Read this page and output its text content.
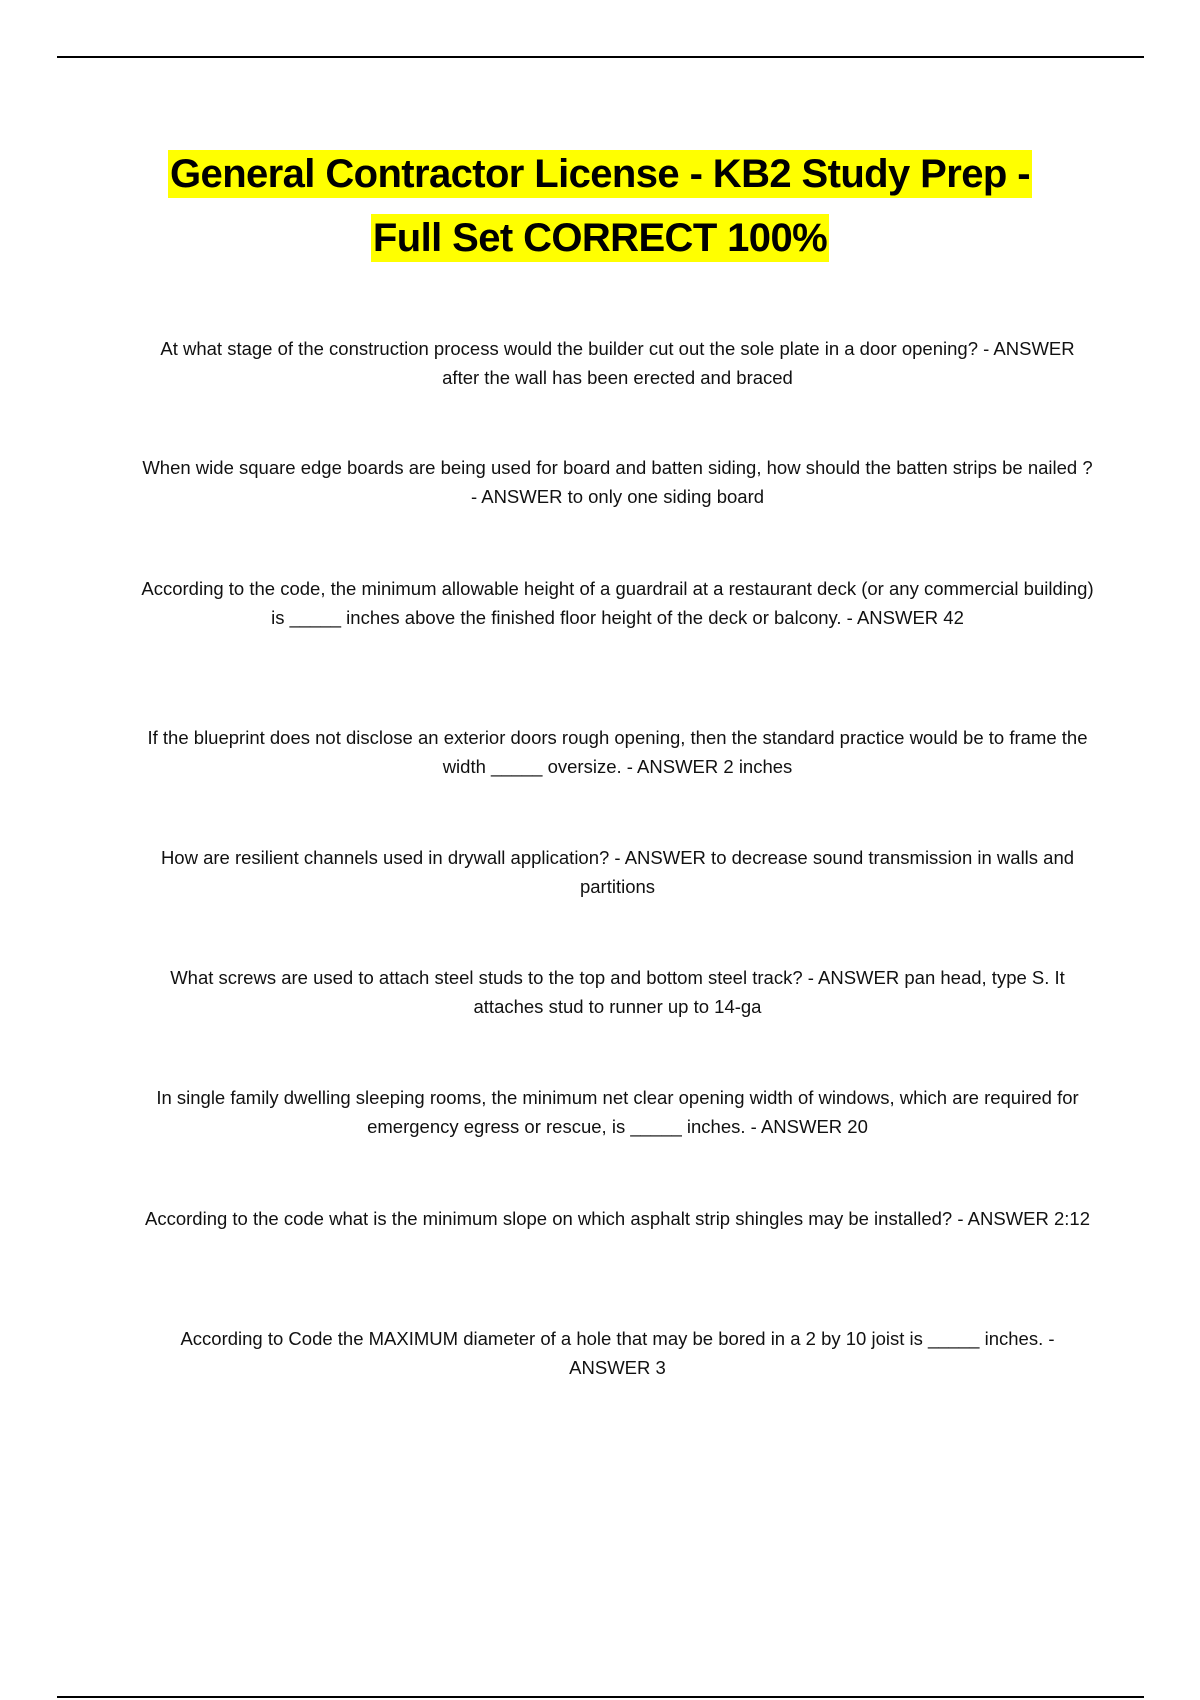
General Contractor License - KB2 Study Prep - Full Set CORRECT 100%
At what stage of the construction process would the builder cut out the sole plate in a door opening? - ANSWER after the wall has been erected and braced
When wide square edge boards are being used for board and batten siding, how should the batten strips be nailed ? - ANSWER to only one siding board
According to the code, the minimum allowable height of a guardrail at a restaurant deck (or any commercial building) is _____ inches above the finished floor height of the deck or balcony. - ANSWER 42
If the blueprint does not disclose an exterior doors rough opening, then the standard practice would be to frame the width _____ oversize. - ANSWER 2 inches
How are resilient channels used in drywall application? - ANSWER to decrease sound transmission in walls and partitions
What screws are used to attach steel studs to the top and bottom steel track? - ANSWER pan head, type S. It attaches stud to runner up to 14-ga
In single family dwelling sleeping rooms, the minimum net clear opening width of windows, which are required for emergency egress or rescue, is _____ inches. - ANSWER 20
According to the code what is the minimum slope on which asphalt strip shingles may be installed? - ANSWER 2:12
According to Code the MAXIMUM diameter of a hole that may be bored in a 2 by 10 joist is _____ inches. - ANSWER 3
